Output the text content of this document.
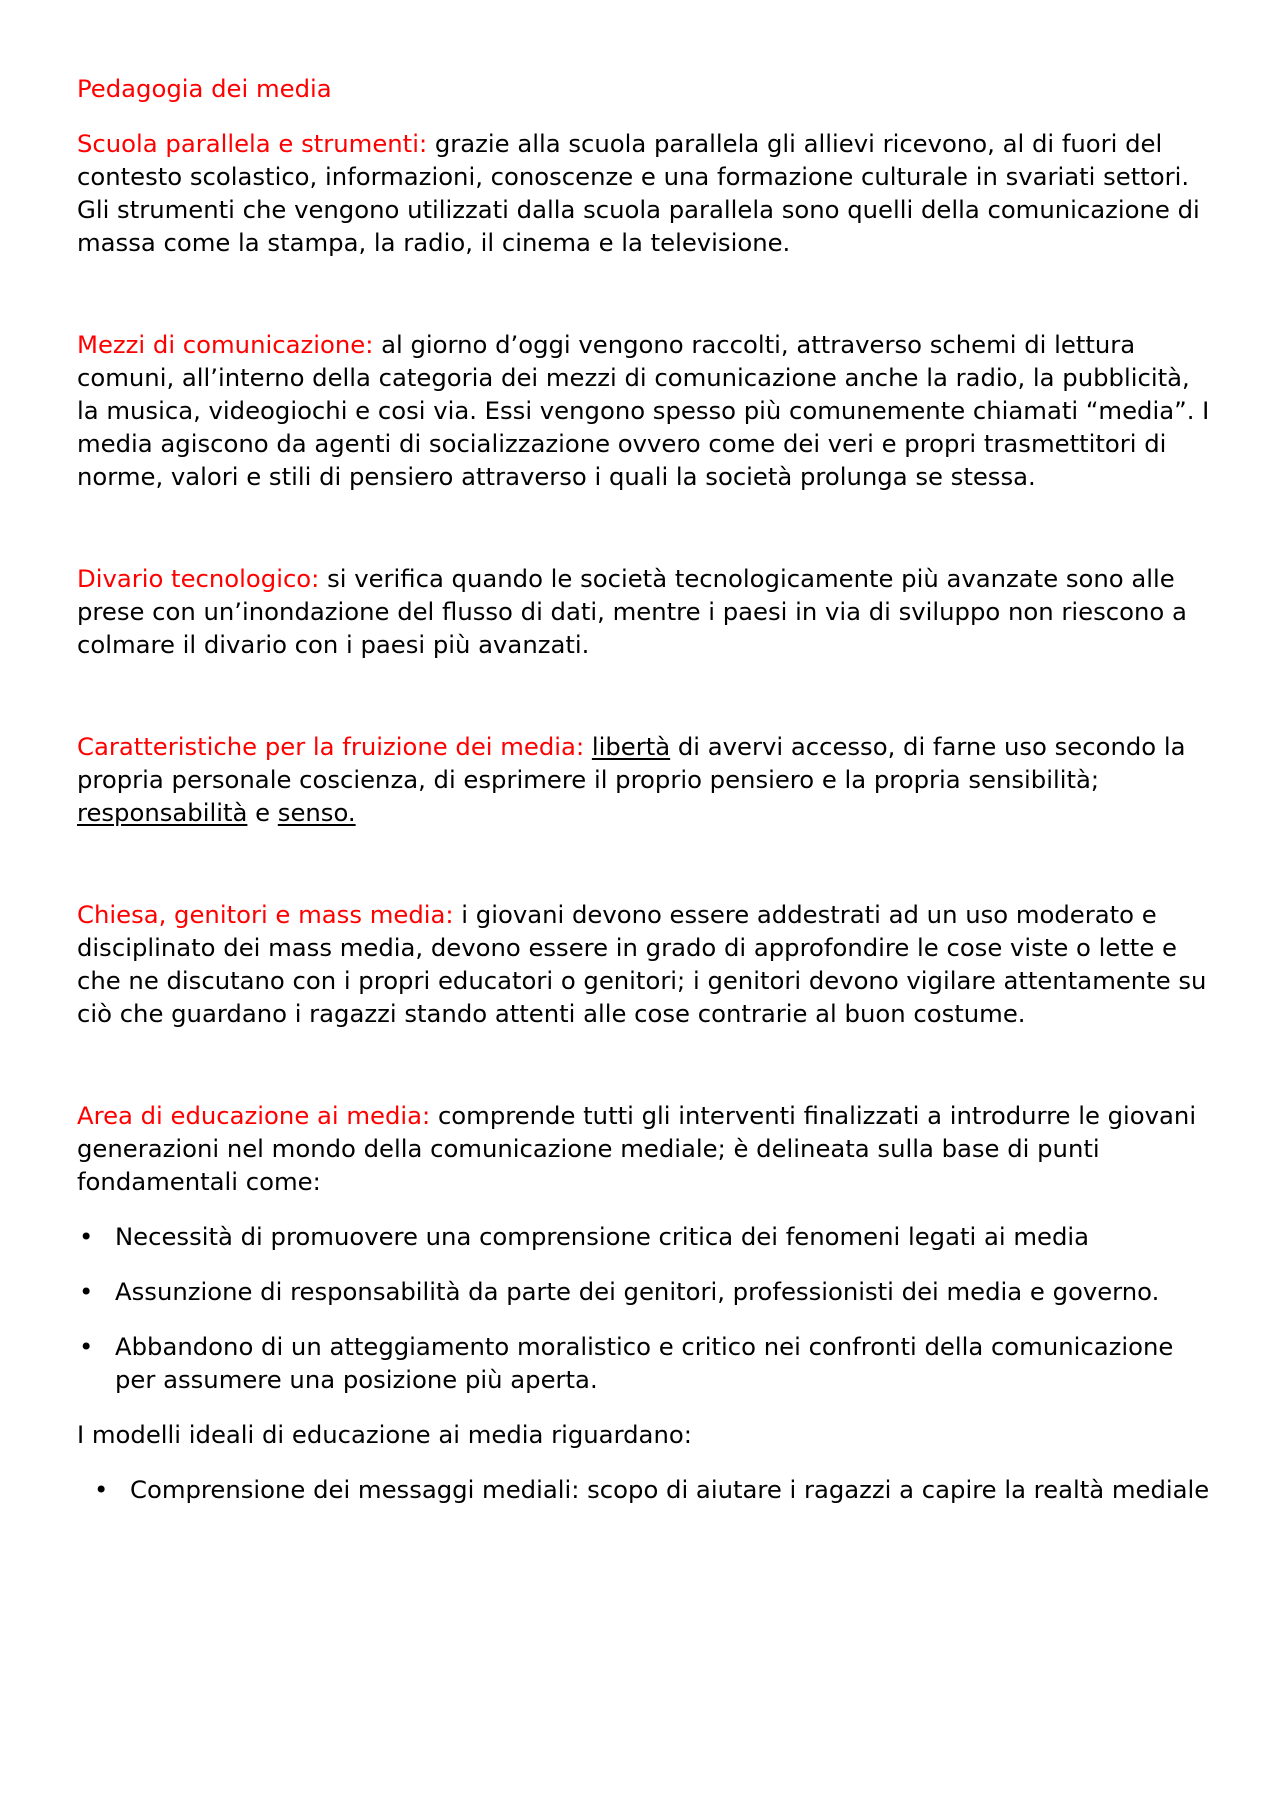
Pedagogia dei media

Scuola parallela e strumenti: grazie alla scuola parallela gli allievi ricevono, al di fuori del contesto scolastico, informazioni, conoscenze e una formazione culturale in svariati settori. Gli strumenti che vengono utilizzati dalla scuola parallela sono quelli della comunicazione di massa come la stampa, la radio, il cinema e la televisione.

Mezzi di comunicazione: al giorno d’oggi vengono raccolti, attraverso schemi di lettura comuni, all’interno della categoria dei mezzi di comunicazione anche la radio, la pubblicità, la musica, videogiochi e cosi via. Essi vengono spesso più comunemente chiamati “media”. I media agiscono da agenti di socializzazione ovvero come dei veri e propri trasmettitori di norme, valori e stili di pensiero attraverso i quali la società prolunga se stessa.

Divario tecnologico: si verifica quando le società tecnologicamente più avanzate sono alle prese con un’inondazione del flusso di dati, mentre i paesi in via di sviluppo non riescono a colmare il divario con i paesi più avanzati.

Caratteristiche per la fruizione dei media: libertà di avervi accesso, di farne uso secondo la propria personale coscienza, di esprimere il proprio pensiero e la propria sensibilità; responsabilità e senso.

Chiesa, genitori e mass media: i giovani devono essere addestrati ad un uso moderato e disciplinato dei mass media, devono essere in grado di approfondire le cose viste o lette e che ne discutano con i propri educatori o genitori; i genitori devono vigilare attentamente su ciò che guardano i ragazzi stando attenti alle cose contrarie al buon costume.

Area di educazione ai media: comprende tutti gli interventi finalizzati a introdurre le giovani generazioni nel mondo della comunicazione mediale; è delineata sulla base di punti fondamentali come:

• Necessità di promuovere una comprensione critica dei fenomeni legati ai media
• Assunzione di responsabilità da parte dei genitori, professionisti dei media e governo.
• Abbandono di un atteggiamento moralistico e critico nei confronti della comunicazione per assumere una posizione più aperta.

I modelli ideali di educazione ai media riguardano:

• Comprensione dei messaggi mediali: scopo di aiutare i ragazzi a capire la realtà mediale
